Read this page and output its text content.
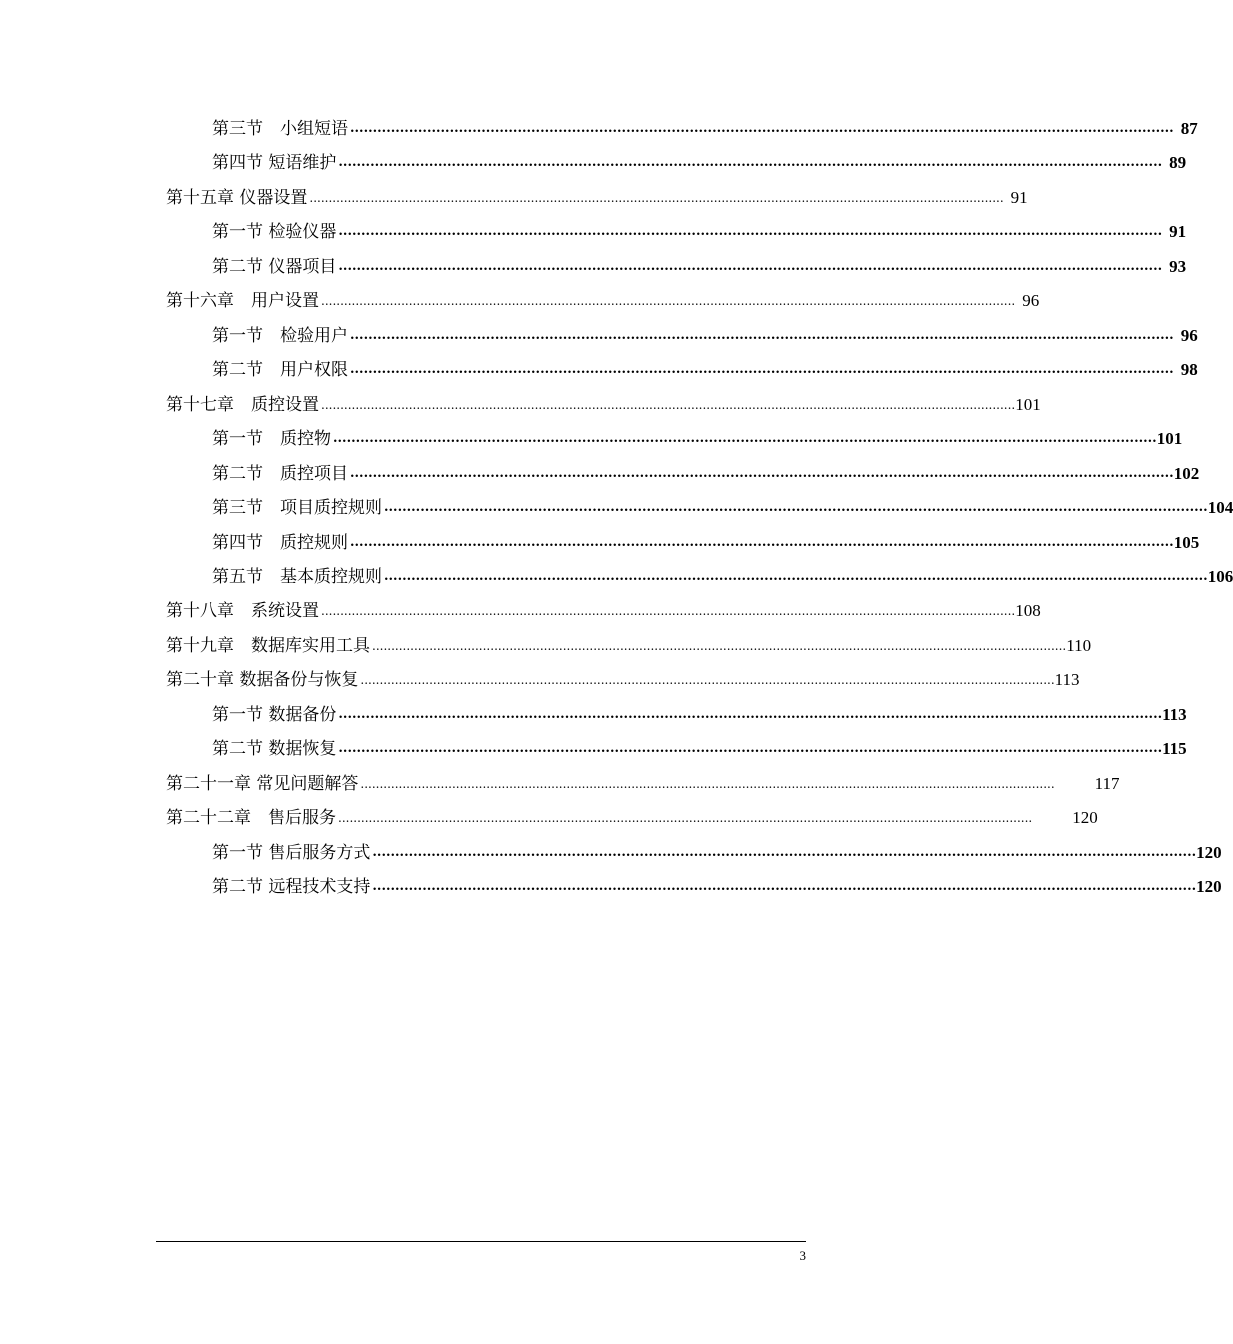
第三节　小组短语 ...................................................................................................................................................................................... 87
第四节 短语维护 ...................................................................................................................................................................................... 89
第十五章 仪器设置 ...................................................................................................................................................................................... 91
第一节 检验仪器 ...................................................................................................................................................................................... 91
第二节 仪器项目 ...................................................................................................................................................................................... 93
第十六章　用户设置 ...................................................................................................................................................................................... 96
第一节　检验用户 ...................................................................................................................................................................................... 96
第二节　用户权限 ...................................................................................................................................................................................... 98
第十七章　质控设置 ...................................................................................................................................................................................... 101
第一节　质控物 ...................................................................................................................................................................................... 101
第二节　质控项目 ...................................................................................................................................................................................... 102
第三节　项目质控规则 ...................................................................................................................................................................................... 104
第四节　质控规则 ...................................................................................................................................................................................... 105
第五节　基本质控规则 ...................................................................................................................................................................................... 106
第十八章　系统设置 ...................................................................................................................................................................................... 108
第十九章　数据库实用工具 ...................................................................................................................................................................................... 110
第二十章 数据备份与恢复 ...................................................................................................................................................................................... 113
第一节 数据备份 ...................................................................................................................................................................................... 113
第二节 数据恢复 ...................................................................................................................................................................................... 115
第二十一章 常见问题解答 ...................................................................................................................................................................................... 117
第二十二章　售后服务 ...................................................................................................................................................................................... 120
第一节 售后服务方式 ...................................................................................................................................................................................... 120
第二节 远程技术支持 ...................................................................................................................................................................................... 120
3
